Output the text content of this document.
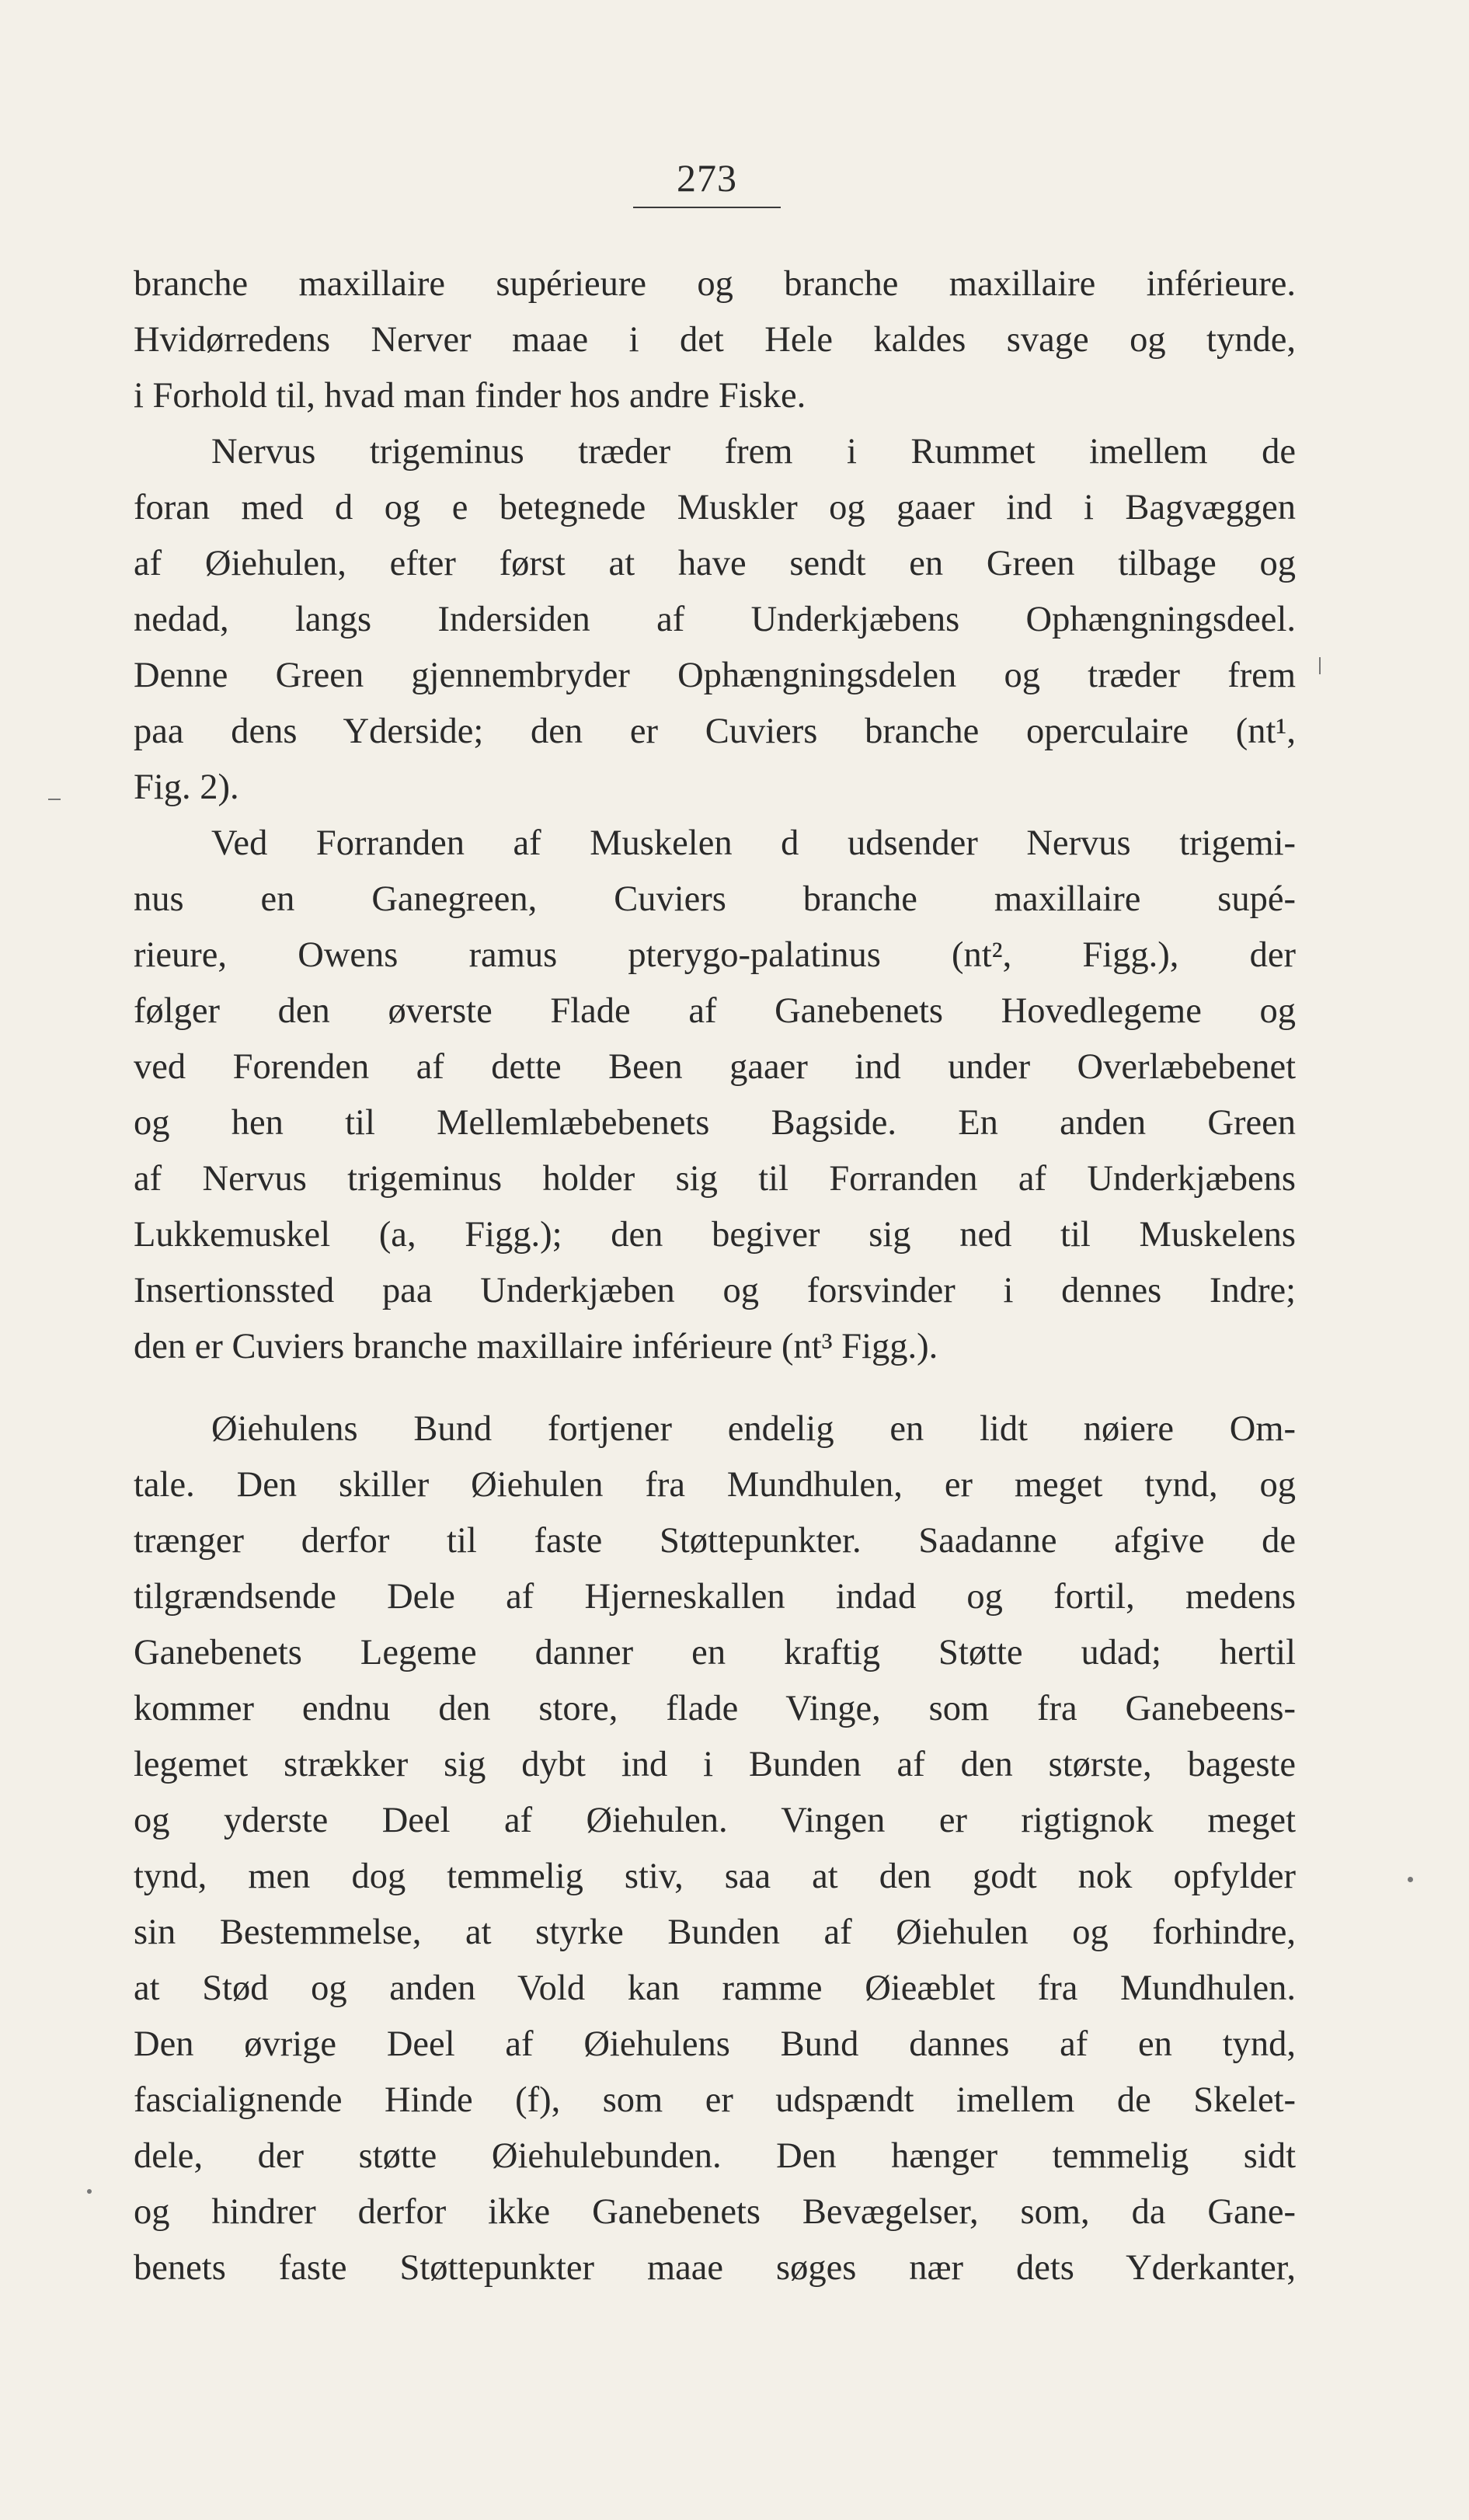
273
branche maxillaire supérieure og branche maxillaire inférieure.
Hvidørredens Nerver maae i det Hele kaldes svage og tynde,
i Forhold til, hvad man finder hos andre Fiske.
Nervus trigeminus træder frem i Rummet imellem de
foran med d og e betegnede Muskler og gaaer ind i Bagvæggen
af Øiehulen, efter først at have sendt en Green tilbage og
nedad, langs Indersiden af Underkjæbens Ophængningsdeel.
Denne Green gjennembryder Ophængningsdelen og træder frem
paa dens Yderside; den er Cuviers branche operculaire (nt¹,
Fig. 2).
Ved Forranden af Muskelen d udsender Nervus trigemi-
nus en Ganegreen, Cuviers branche maxillaire supé-
rieure, Owens ramus pterygo-palatinus (nt², Figg.), der
følger den øverste Flade af Ganebenets Hovedlegeme og
ved Forenden af dette Been gaaer ind under Overlæbebenet
og hen til Mellemlæbebenets Bagside. En anden Green
af Nervus trigeminus holder sig til Forranden af Underkjæbens
Lukkemuskel (a, Figg.); den begiver sig ned til Muskelens
Insertionssted paa Underkjæben og forsvinder i dennes Indre;
den er Cuviers branche maxillaire inférieure (nt³ Figg.).
Øiehulens Bund fortjener endelig en lidt nøiere Om-
tale. Den skiller Øiehulen fra Mundhulen, er meget tynd, og
trænger derfor til faste Støttepunkter. Saadanne afgive de
tilgrændsende Dele af Hjerneskallen indad og fortil, medens
Ganebenets Legeme danner en kraftig Støtte udad; hertil
kommer endnu den store, flade Vinge, som fra Ganebeens-
legemet strækker sig dybt ind i Bunden af den største, bageste
og yderste Deel af Øiehulen. Vingen er rigtignok meget
tynd, men dog temmelig stiv, saa at den godt nok opfylder
sin Bestemmelse, at styrke Bunden af Øiehulen og forhindre,
at Stød og anden Vold kan ramme Øieæblet fra Mundhulen.
Den øvrige Deel af Øiehulens Bund dannes af en tynd,
fascialignende Hinde (f), som er udspændt imellem de Skelet-
dele, der støtte Øiehulebunden. Den hænger temmelig sidt
og hindrer derfor ikke Ganebenets Bevægelser, som, da Gane-
benets faste Støttepunkter maae søges nær dets Yderkanter,
